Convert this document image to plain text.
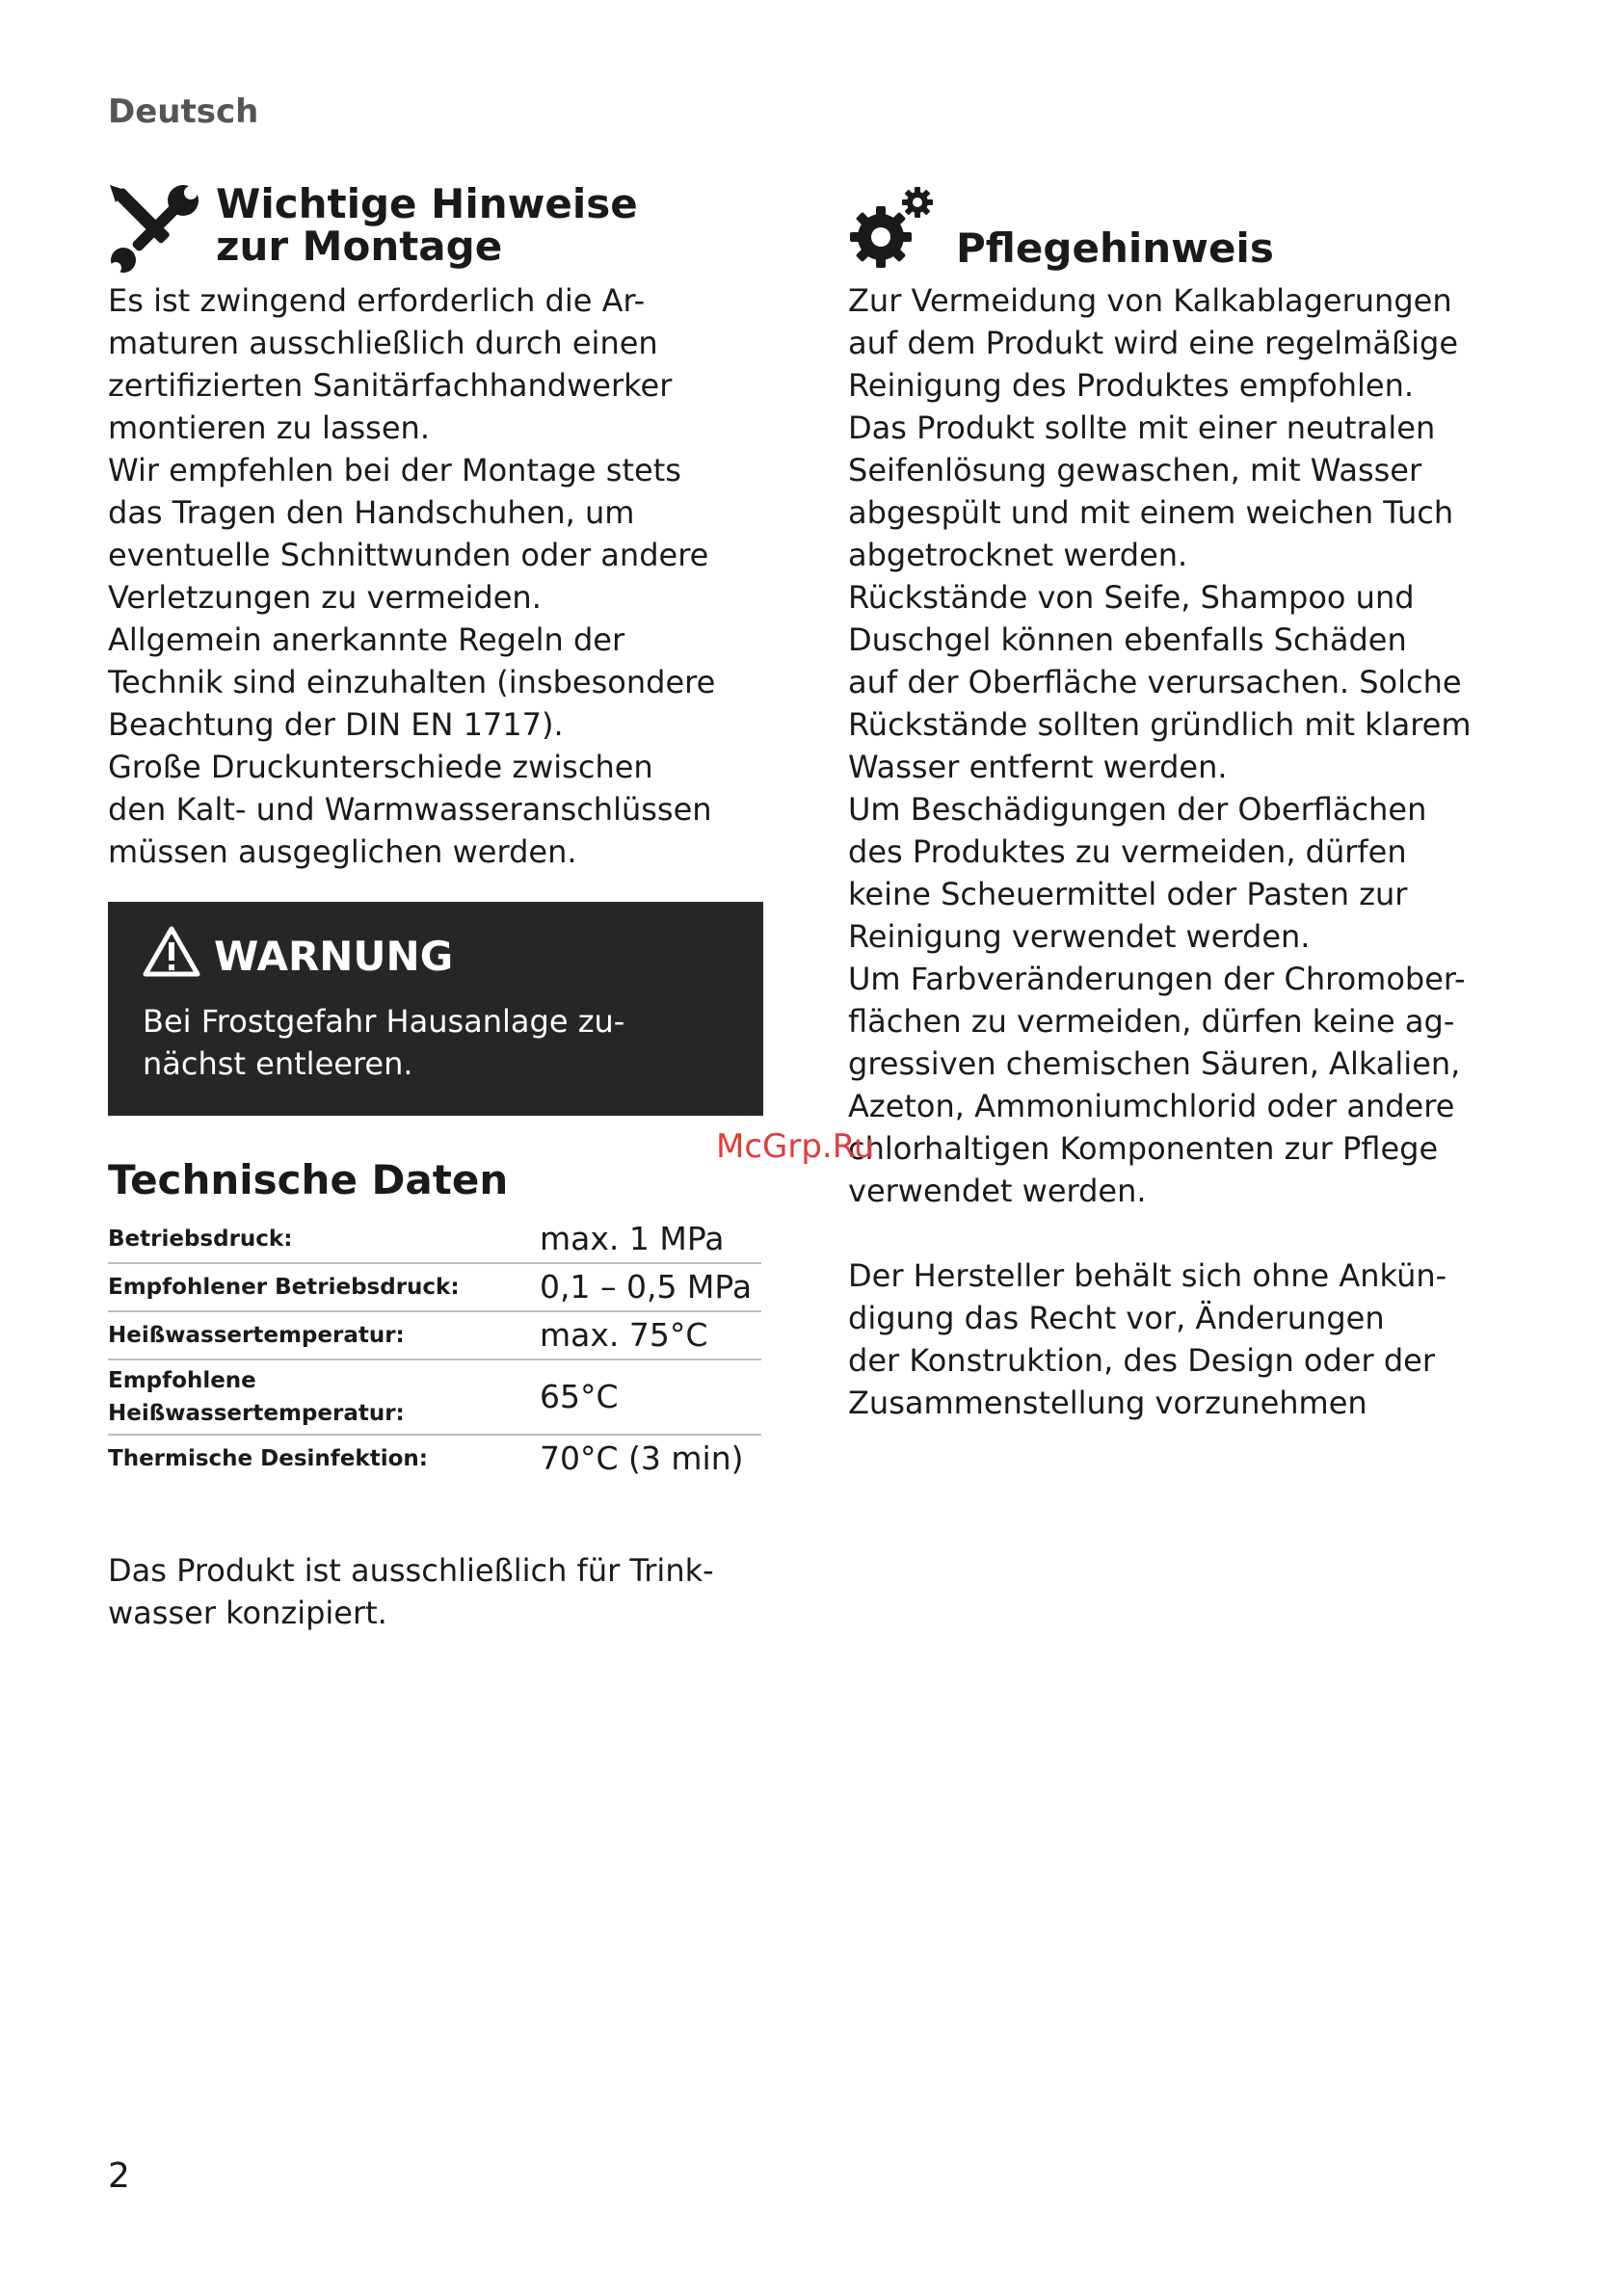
Deutsch
Wichtige Hinweise
zur Montage
Es ist zwingend erforderlich die Ar-
maturen ausschließlich durch einen
zertifizierten Sanitärfachhandwerker
montieren zu lassen.
Wir empfehlen bei der Montage stets
das Tragen den Handschuhen, um
eventuelle Schnittwunden oder andere
Verletzungen zu vermeiden.
Allgemein anerkannte Regeln der
Technik sind einzuhalten (insbesondere
Beachtung der DIN EN 1717).
Große Druckunterschiede zwischen
den Kalt- und Warmwasseranschlüssen
müssen ausgeglichen werden.
WARNUNG
Bei Frostgefahr Hausanlage zu-
nächst entleeren.
Technische Daten
Betriebsdruck:	max. 1 MPa
Empfohlener Betriebsdruck:	0,1 – 0,5 MPa
Heißwassertemperatur:	max. 75°C

Empfohlene
Heißwassertemperatur:	65°C
Thermische Desinfektion:	70°C (3 min)
Das Produkt ist ausschließlich für Trink-
wasser konzipiert.
Pflegehinweis
Zur Vermeidung von Kalkablagerungen
auf dem Produkt wird eine regelmäßige
Reinigung des Produktes empfohlen.
Das Produkt sollte mit einer neutralen
Seifenlösung gewaschen, mit Wasser
abgespült und mit einem weichen Tuch
abgetrocknet werden.
Rückstände von Seife, Shampoo und
Duschgel können ebenfalls Schäden
auf der Oberfläche verursachen. Solche
Rückstände sollten gründlich mit klarem
Wasser entfernt werden.
Um Beschädigungen der Oberflächen
des Produktes zu vermeiden, dürfen
keine Scheuermittel oder Pasten zur
Reinigung verwendet werden.
Um Farbveränderungen der Chromober-
flächen zu vermeiden, dürfen keine ag-
gressiven chemischen Säuren, Alkalien,
Azeton, Ammoniumchlorid oder andere
chlorhaltigen Komponenten zur Pflege
verwendet werden.
Der Hersteller behält sich ohne Ankün-
digung das Recht vor, Änderungen
der Konstruktion, des Design oder der
Zusammenstellung vorzunehmen
McGrp.Ru
2
